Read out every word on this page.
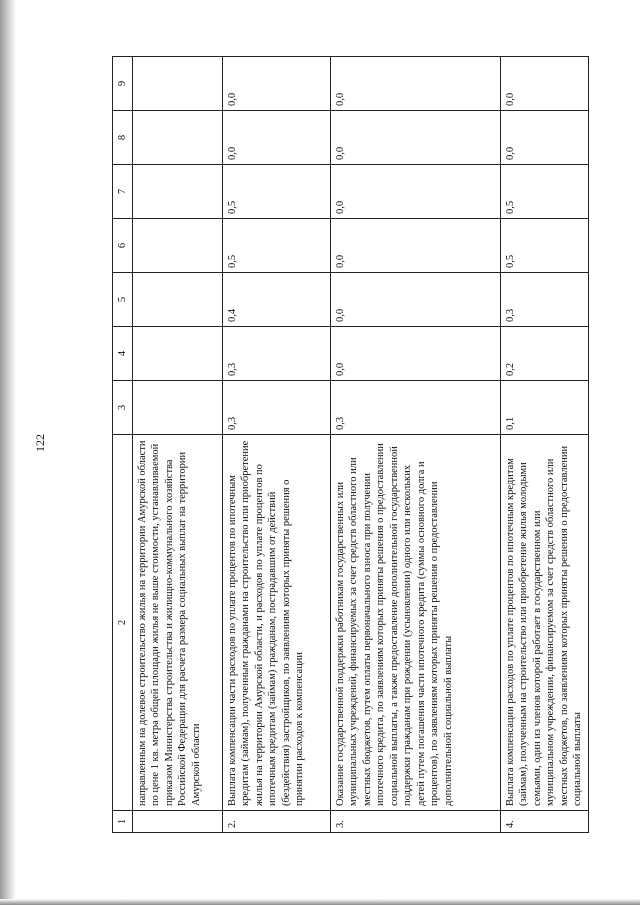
122
1	2	3	4	5	6	7	8	9
	направленным на долевое строительство жилья на территории Амурской области по цене 1 кв. метра общей площади жилья не выше стоимости, устанавливаемой приказом Министерства строительства и жилищно-коммунального хозяйства Российской Федерации для расчета размера социальных выплат на территории Амурской области							
2.	Выплата компенсации части расходов по уплате процентов по ипотечным кредитам (займам), полученным гражданами на строительство или приобретение жилья на территории Амурской области, и расходов по уплате процентов по ипотечным кредитам (займам) гражданам, пострадавшим от действий (бездействия) застройщиков, по заявлениям которых приняты решения о принятии расходов к компенсации	0,3	0,3	0,4	0,5	0,5	0,0	0,0
3.	Оказание государственной поддержки работникам государственных или муниципальных учреждений, финансируемых за счет средств областного или местных бюджетов, путем оплаты первоначального взноса при получении ипотечного кредита, по заявлениям которых приняты решения о предоставлении социальной выплаты, а также предоставление дополнительной государственной поддержки гражданам при рождении (усыновлении) одного или нескольких детей путем погашения части ипотечного кредита (суммы основного долга и процентов), по заявлениям которых приняты решения о предоставлении дополнительной социальной выплаты	0,3	0,0	0,0	0,0	0,0	0,0	0,0
4.	Выплата компенсации расходов по уплате процентов по ипотечным кредитам (займам), полученным на строительство или приобретение жилья молодыми семьями, один из членов которой работает в государственном или муниципальном учреждении, финансируемом за счет средств областного или местных бюджетов, по заявлениям которых приняты решения о предоставлении социальной выплаты	0,1	0,2	0,3	0,5	0,5	0,0	0,0
